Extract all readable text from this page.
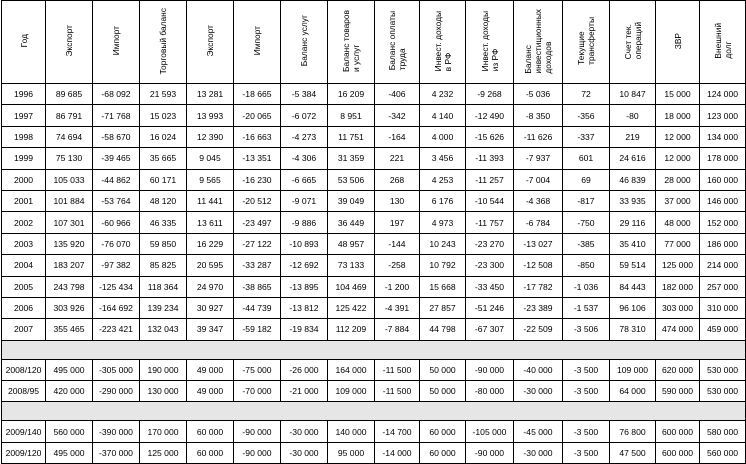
Год	Экспорт	Импорт	Торговый баланс	Экспорт	Импорт	Баланс услуг	Баланс товаров
и услуг	Баланс оплаты
труда	Инвест. доходы
в РФ	Инвест. доходы
из РФ	Баланс
инвестиционных
доходов	Текущие
трансферты	Счет тек.
операций	ЗВР	Внешний
долг
1996	89 685	-68 092	21 593	13 281	-18 665	-5 384	16 209	-406	4 232	-9 268	-5 036	72	10 847	15 000	124 000
1997	86 791	-71 768	15 023	13 993	-20 065	-6 072	8 951	-342	4 140	-12 490	-8 350	-356	-80	18 000	123 000
1998	74 694	-58 670	16 024	12 390	-16 663	-4 273	11 751	-164	4 000	-15 626	-11 626	-337	219	12 000	134 000
1999	75 130	-39 465	35 665	9 045	-13 351	-4 306	31 359	221	3 456	-11 393	-7 937	601	24 616	12 000	178 000
2000	105 033	-44 862	60 171	9 565	-16 230	-6 665	53 506	268	4 253	-11 257	-7 004	69	46 839	28 000	160 000
2001	101 884	-53 764	48 120	11 441	-20 512	-9 071	39 049	130	6 176	-10 544	-4 368	-817	33 935	37 000	146 000
2002	107 301	-60 966	46 335	13 611	-23 497	-9 886	36 449	197	4 973	-11 757	-6 784	-750	29 116	48 000	152 000
2003	135 920	-76 070	59 850	16 229	-27 122	-10 893	48 957	-144	10 243	-23 270	-13 027	-385	35 410	77 000	186 000
2004	183 207	-97 382	85 825	20 595	-33 287	-12 692	73 133	-258	10 792	-23 300	-12 508	-850	59 514	125 000	214 000
2005	243 798	-125 434	118 364	24 970	-38 865	-13 895	104 469	-1 200	15 668	-33 450	-17 782	-1 036	84 443	182 000	257 000
2006	303 926	-164 692	139 234	30 927	-44 739	-13 812	125 422	-4 391	27 857	-51 246	-23 389	-1 537	96 106	303 000	310 000
2007	355 465	-223 421	132 043	39 347	-59 182	-19 834	112 209	-7 884	44 798	-67 307	-22 509	-3 506	78 310	474 000	459 000

2008/120	495 000	-305 000	190 000	49 000	-75 000	-26 000	164 000	-11 500	50 000	-90 000	-40 000	-3 500	109 000	620 000	530 000
2008/95	420 000	-290 000	130 000	49 000	-70 000	-21 000	109 000	-11 500	50 000	-80 000	-30 000	-3 500	64 000	590 000	530 000

2009/140	560 000	-390 000	170 000	60 000	-90 000	-30 000	140 000	-14 700	60 000	-105 000	-45 000	-3 500	76 800	600 000	580 000
2009/120	495 000	-370 000	125 000	60 000	-90 000	-30 000	95 000	-14 000	60 000	-90 000	-30 000	-3 500	47 500	600 000	560 000
